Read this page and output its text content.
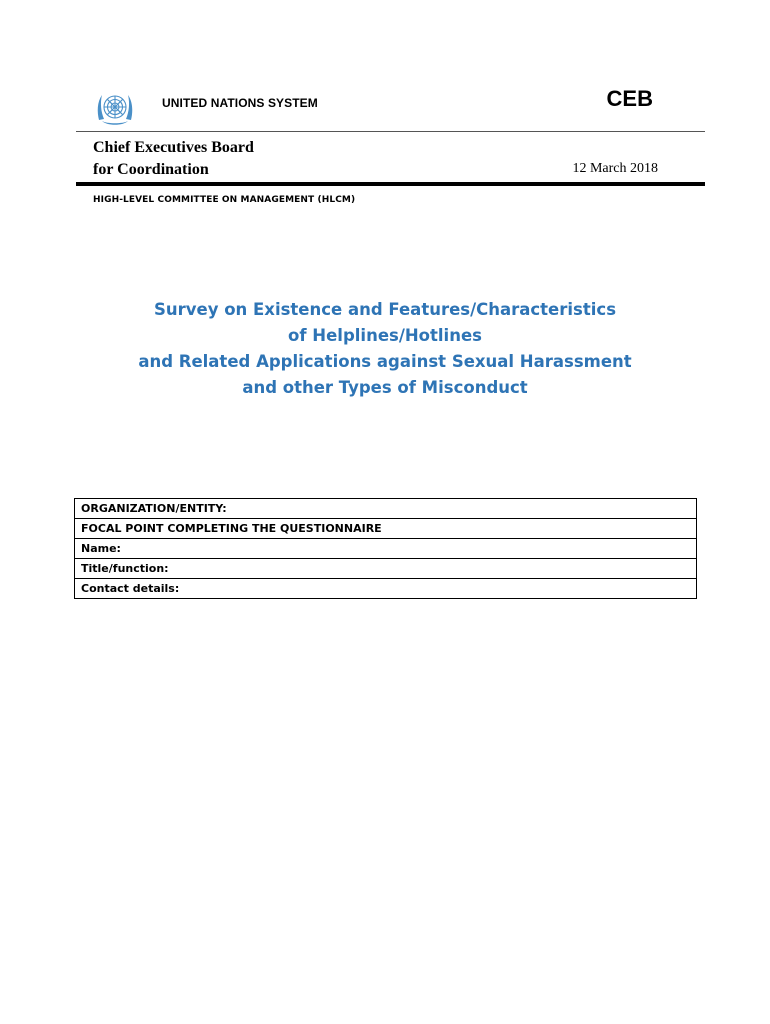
UNITED NATIONS SYSTEM	CEB
Chief Executives Board
for Coordination	12 March 2018
HIGH-LEVEL COMMITTEE ON MANAGEMENT (HLCM)
Survey on Existence and Features/Characteristics
of Helplines/Hotlines
and Related Applications against Sexual Harassment
and other Types of Misconduct
ORGANIZATION/ENTITY:
FOCAL POINT COMPLETING THE QUESTIONNAIRE
Name:
Title/function:
Contact details:
